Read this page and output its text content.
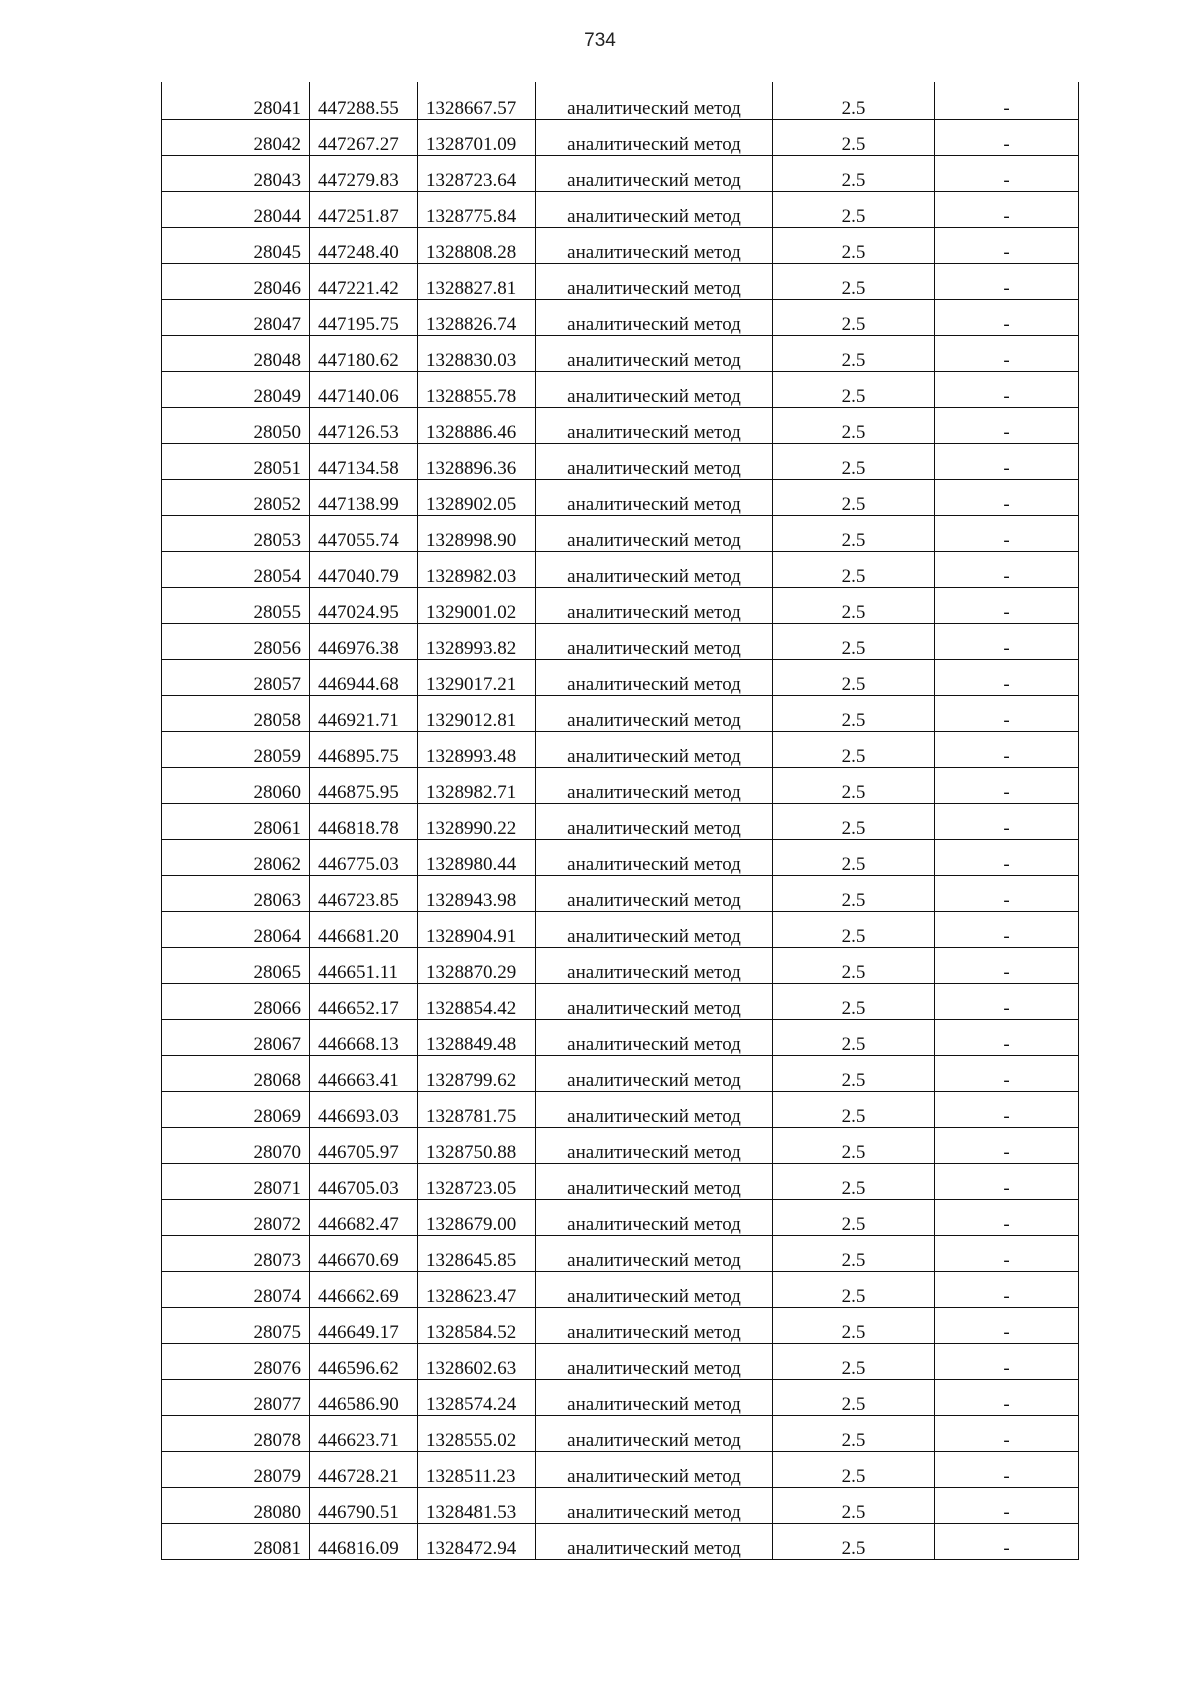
734
28041	447288.55	1328667.57	аналитический метод	2.5	-
28042	447267.27	1328701.09	аналитический метод	2.5	-
28043	447279.83	1328723.64	аналитический метод	2.5	-
28044	447251.87	1328775.84	аналитический метод	2.5	-
28045	447248.40	1328808.28	аналитический метод	2.5	-
28046	447221.42	1328827.81	аналитический метод	2.5	-
28047	447195.75	1328826.74	аналитический метод	2.5	-
28048	447180.62	1328830.03	аналитический метод	2.5	-
28049	447140.06	1328855.78	аналитический метод	2.5	-
28050	447126.53	1328886.46	аналитический метод	2.5	-
28051	447134.58	1328896.36	аналитический метод	2.5	-
28052	447138.99	1328902.05	аналитический метод	2.5	-
28053	447055.74	1328998.90	аналитический метод	2.5	-
28054	447040.79	1328982.03	аналитический метод	2.5	-
28055	447024.95	1329001.02	аналитический метод	2.5	-
28056	446976.38	1328993.82	аналитический метод	2.5	-
28057	446944.68	1329017.21	аналитический метод	2.5	-
28058	446921.71	1329012.81	аналитический метод	2.5	-
28059	446895.75	1328993.48	аналитический метод	2.5	-
28060	446875.95	1328982.71	аналитический метод	2.5	-
28061	446818.78	1328990.22	аналитический метод	2.5	-
28062	446775.03	1328980.44	аналитический метод	2.5	-
28063	446723.85	1328943.98	аналитический метод	2.5	-
28064	446681.20	1328904.91	аналитический метод	2.5	-
28065	446651.11	1328870.29	аналитический метод	2.5	-
28066	446652.17	1328854.42	аналитический метод	2.5	-
28067	446668.13	1328849.48	аналитический метод	2.5	-
28068	446663.41	1328799.62	аналитический метод	2.5	-
28069	446693.03	1328781.75	аналитический метод	2.5	-
28070	446705.97	1328750.88	аналитический метод	2.5	-
28071	446705.03	1328723.05	аналитический метод	2.5	-
28072	446682.47	1328679.00	аналитический метод	2.5	-
28073	446670.69	1328645.85	аналитический метод	2.5	-
28074	446662.69	1328623.47	аналитический метод	2.5	-
28075	446649.17	1328584.52	аналитический метод	2.5	-
28076	446596.62	1328602.63	аналитический метод	2.5	-
28077	446586.90	1328574.24	аналитический метод	2.5	-
28078	446623.71	1328555.02	аналитический метод	2.5	-
28079	446728.21	1328511.23	аналитический метод	2.5	-
28080	446790.51	1328481.53	аналитический метод	2.5	-
28081	446816.09	1328472.94	аналитический метод	2.5	-
